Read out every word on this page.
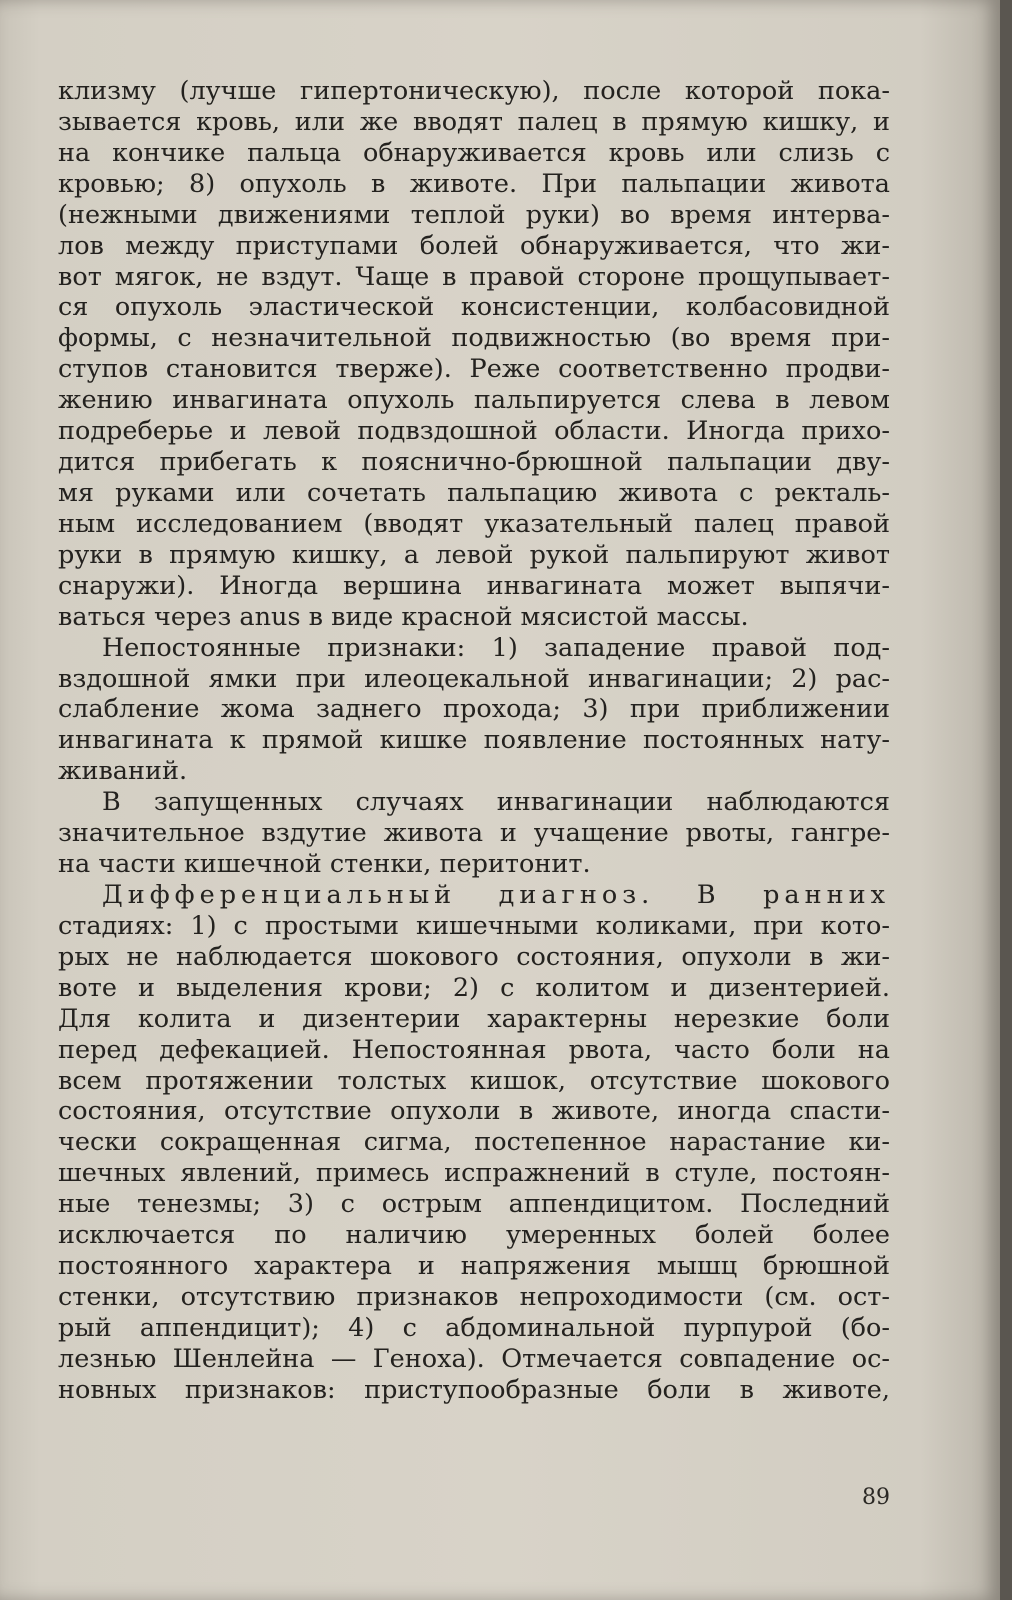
клизму (лучше гипертоническую), после которой пока-
зывается кровь, или же вводят палец в прямую кишку, и
на кончике пальца обнаруживается кровь или слизь с
кровью; 8) опухоль в животе. При пальпации живота
(нежными движениями теплой руки) во время интерва-
лов между приступами болей обнаруживается, что жи-
вот мягок, не вздут. Чаще в правой стороне прощупывает-
ся опухоль эластической консистенции, колбасовидной
формы, с незначительной подвижностью (во время при-
ступов становится тверже). Реже соответственно продви-
жению инвагината опухоль пальпируется слева в левом
подреберье и левой подвздошной области. Иногда прихо-
дится прибегать к пояснично-брюшной пальпации дву-
мя руками или сочетать пальпацию живота с ректаль-
ным исследованием (вводят указательный палец правой
руки в прямую кишку, а левой рукой пальпируют живот
снаружи). Иногда вершина инвагината может выпячи-
ваться через anus в виде красной мясистой массы.
Непостоянные признаки: 1) западение правой под-
вздошной ямки при илеоцекальной инвагинации; 2) рас-
слабление жома заднего прохода; 3) при приближении
инвагината к прямой кишке появление постоянных нату-
живаний.
В запущенных случаях инвагинации наблюдаются
значительное вздутие живота и учащение рвоты, гангре-
на части кишечной стенки, перитонит.
Дифференциальный диагноз. В ранних
стадиях: 1) с простыми кишечными коликами, при кото-
рых не наблюдается шокового состояния, опухоли в жи-
воте и выделения крови; 2) с колитом и дизентерией.
Для колита и дизентерии характерны нерезкие боли
перед дефекацией. Непостоянная рвота, часто боли на
всем протяжении толстых кишок, отсутствие шокового
состояния, отсутствие опухоли в животе, иногда спасти-
чески сокращенная сигма, постепенное нарастание ки-
шечных явлений, примесь испражнений в стуле, постоян-
ные тенезмы; 3) с острым аппендицитом. Последний
исключается по наличию умеренных болей более
постоянного характера и напряжения мышц брюшной
стенки, отсутствию признаков непроходимости (см. ост-
рый аппендицит); 4) с абдоминальной пурпурой (бо-
лезнью Шенлейна — Геноха). Отмечается совпадение ос-
новных признаков: приступообразные боли в животе,
89
